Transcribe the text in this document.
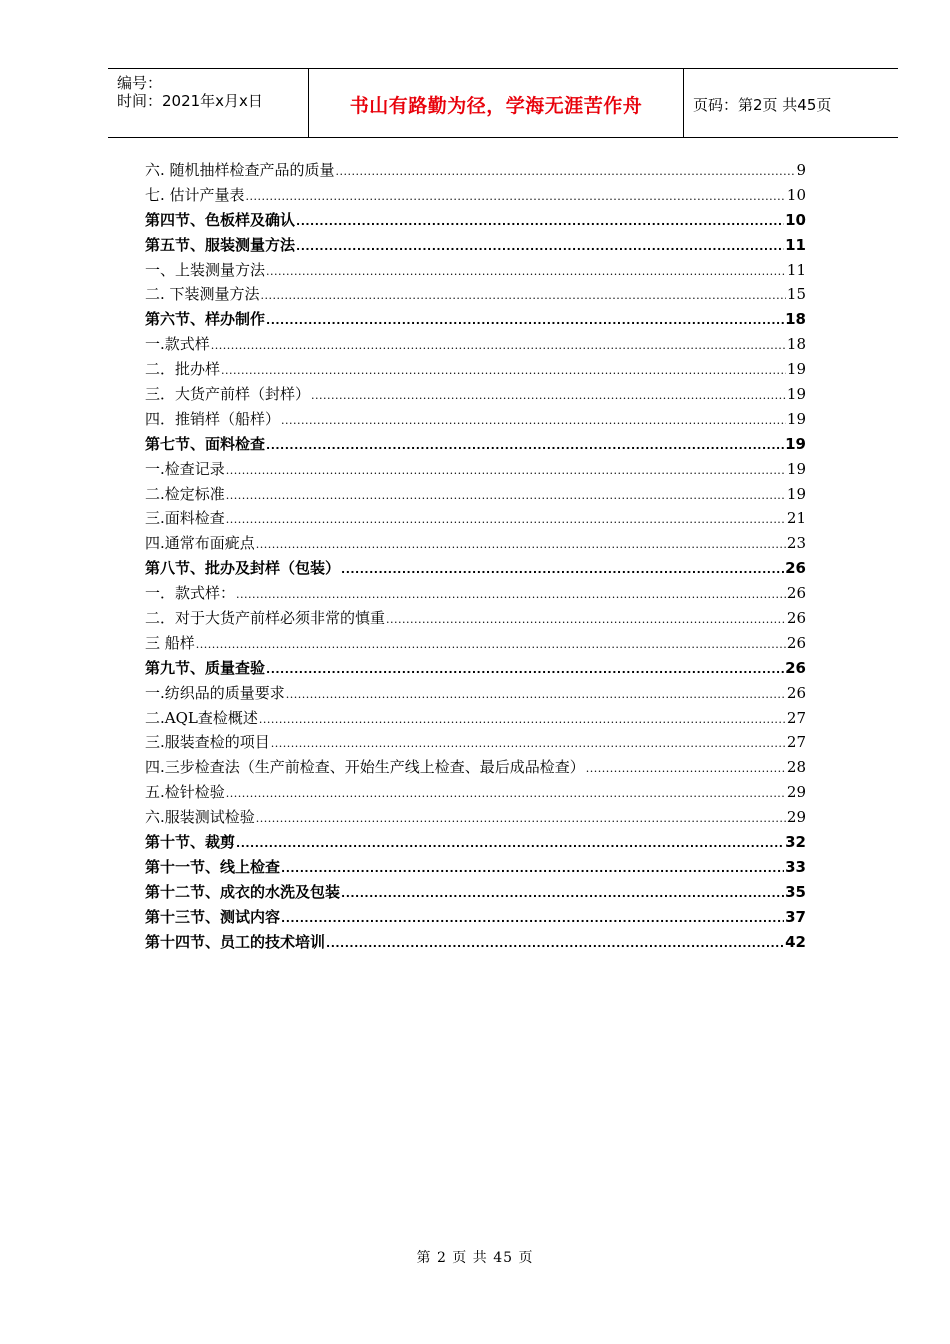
编号：
时间：2021年x月x日	书山有路勤为径，学海无涯苦作舟	页码：第2页 共45页
六. 随机抽样检查产品的质量 .....	9
七. 估计产量表 .....	10
第四节、色板样及确认 .....	10
第五节、服装测量方法 .....	11
一、上装测量方法 .....	11
二. 下装测量方法 .....	15
第六节、样办制作 .....	18
一.款式样 .....	18
二．批办样 .....	19
三．大货产前样（封样） .....	19
四．推销样（船样） .....	19
第七节、面料检查 .....	19
一.检查记录 .....	19
二.检定标准 .....	19
三.面料检查 .....	21
四.通常布面疵点 .....	23
第八节、批办及封样（包装） .....	26
一．款式样： .....	26
二．对于大货产前样必须非常的慎重 .....	26
三 船样 .....	26
第九节、质量查验 .....	26
一.纺织品的质量要求 .....	26
二.AQL查检概述 .....	27
三.服装查检的项目 .....	27
四.三步检查法（生产前检查、开始生产线上检查、最后成品检查） .....	28
五.检针检验 .....	29
六.服装测试检验 .....	29
第十节、裁剪 .....	32
第十一节、线上检查 .....	33
第十二节、成衣的水洗及包装 .....	35
第十三节、测试内容 .....	37
第十四节、员工的技术培训 .....	42
第 2 页 共 45 页
